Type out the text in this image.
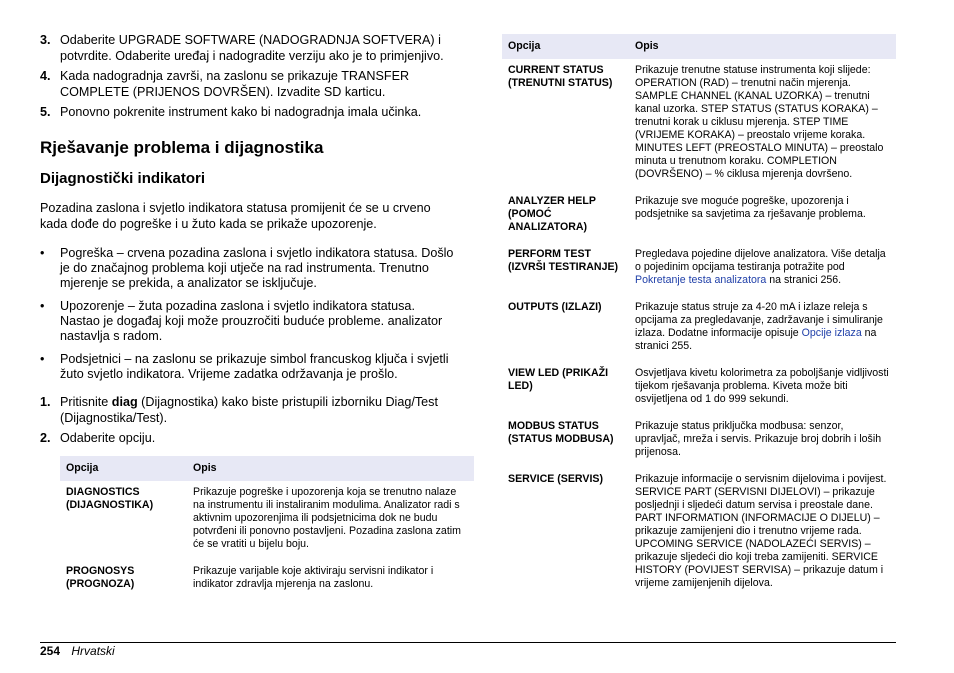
3. Odaberite UPGRADE SOFTWARE (NADOGRADNJA SOFTVERA) i potvrdite. Odaberite uređaj i nadogradite verziju ako je to primjenjivo.
4. Kada nadogradnja završi, na zaslonu se prikazuje TRANSFER COMPLETE (PRIJENOS DOVRŠEN). Izvadite SD karticu.
5. Ponovno pokrenite instrument kako bi nadogradnja imala učinka.
Rješavanje problema i dijagnostika
Dijagnostički indikatori

Pozadina zaslona i svjetlo indikatora statusa promijenit će se u crveno kada dođe do pogreške i u žuto kada se prikaže upozorenje.

•	Pogreška – crvena pozadina zaslona i svjetlo indikatora statusa. Došlo je do značajnog problema koji utječe na rad instrumenta. Trenutno mjerenje se prekida, a analizator se isključuje.
•	Upozorenje – žuta pozadina zaslona i svjetlo indikatora statusa. Nastao je događaj koji može prouzročiti buduće probleme. analizator nastavlja s radom.
•	Podsjetnici – na zaslonu se prikazuje simbol francuskog ključa i svjetli žuto svjetlo indikatora. Vrijeme zadatka održavanja je prošlo.
1. Pritisnite diag (Dijagnostika) kako biste pristupili izborniku Diag/Test (Dijagnostika/Test).
2. Odaberite opciju.
Opcija	Opis
DIAGNOSTICS (DIJAGNOSTIKA)	Prikazuje pogreške i upozorenja koja se trenutno nalaze na instrumentu ili instaliranim modulima. Analizator radi s aktivnim upozorenjima ili podsjetnicima dok ne budu potvrđeni ili ponovno postavljeni. Pozadina zaslona zatim će se vratiti u bijelu boju.
PROGNOSYS (PROGNOZA)	Prikazuje varijable koje aktiviraju servisni indikator i indikator zdravlja mjerenja na zaslonu.
Opcija	Opis
CURRENT STATUS (TRENUTNI STATUS)	Prikazuje trenutne statuse instrumenta koji slijede: OPERATION (RAD) – trenutni način mjerenja. SAMPLE CHANNEL (KANAL UZORKA) – trenutni kanal uzorka. STEP STATUS (STATUS KORAKA) – trenutni korak u ciklusu mjerenja. STEP TIME (VRIJEME KORAKA) – preostalo vrijeme koraka. MINUTES LEFT (PREOSTALO MINUTA) – preostalo minuta u trenutnom koraku. COMPLETION (DOVRŠENO) – % ciklusa mjerenja dovršeno.
ANALYZER HELP (POMOĆ ANALIZATORA)	Prikazuje sve moguće pogreške, upozorenja i podsjetnike sa savjetima za rješavanje problema.
PERFORM TEST (IZVRŠI TESTIRANJE)	Pregledava pojedine dijelove analizatora. Više detalja o pojedinim opcijama testiranja potražite pod Pokretanje testa analizatora na stranici 256.
OUTPUTS (IZLAZI)	Prikazuje status struje za 4-20 mA i izlaze releja s opcijama za pregledavanje, zadržavanje i simuliranje izlaza. Dodatne informacije opisuje Opcije izlaza na stranici 255.
VIEW LED (PRIKAŽI LED)	Osvjetljava kivetu kolorimetra za poboljšanje vidljivosti tijekom rješavanja problema. Kiveta može biti osvijetljena od 1 do 999 sekundi.
MODBUS STATUS (STATUS MODBUSA)	Prikazuje status priključka modbusa: senzor, upravljač, mreža i servis. Prikazuje broj dobrih i loših prijenosa.
SERVICE (SERVIS)	Prikazuje informacije o servisnim dijelovima i povijest. SERVICE PART (SERVISNI DIJELOVI) – prikazuje posljednji i sljedeći datum servisa i preostale dane. PART INFORMATION (INFORMACIJE O DIJELU) – prikazuje zamijenjeni dio i trenutno vrijeme rada. UPCOMING SERVICE (NADOLAZEĆI SERVIS) – prikazuje sljedeći dio koji treba zamijeniti. SERVICE HISTORY (POVIJEST SERVISA) – prikazuje datum i vrijeme zamijenjenih dijelova.
254 Hrvatski
